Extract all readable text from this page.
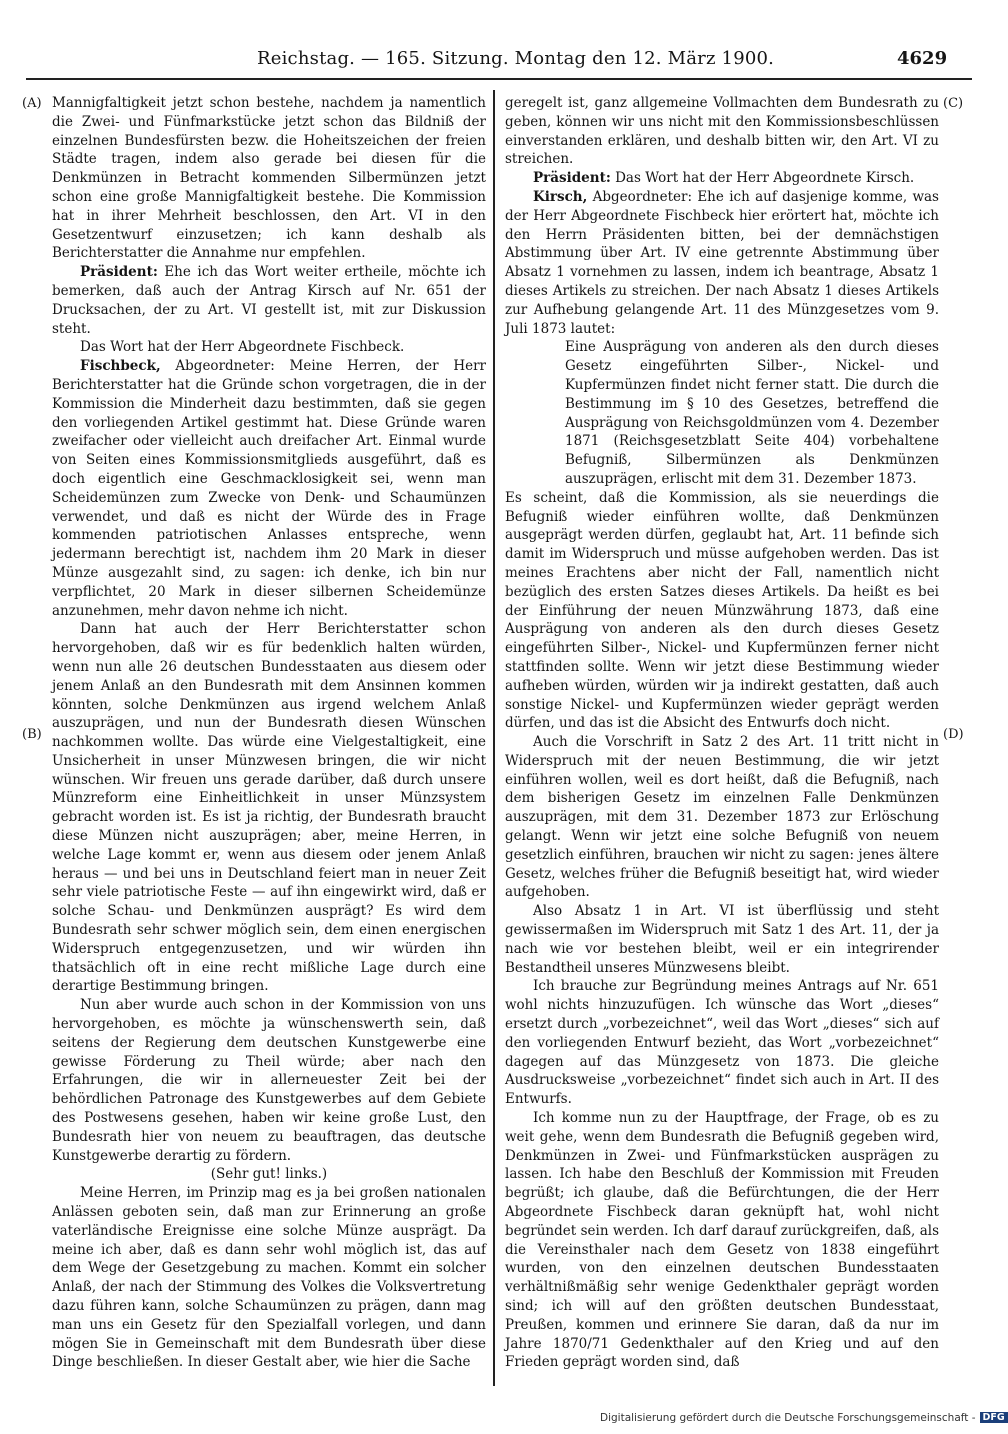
Reichstag. — 165. Sitzung. Montag den 12. März 1900.	4629
(A)
(B)
(C)
(D)

Mannigfaltigkeit jetzt schon bestehe, nachdem ja namentlich die Zwei- und Fünfmarkstücke jetzt schon das Bildniß der einzelnen Bundesfürsten bezw. die Hoheitszeichen der freien Städte tragen, indem also gerade bei diesen für die Denkmünzen in Betracht kommenden Silbermünzen jetzt schon eine große Mannigfaltigkeit bestehe. Die Kommission hat in ihrer Mehrheit beschlossen, den Art. VI in den Gesetzentwurf einzusetzen; ich kann deshalb als Berichterstatter die Annahme nur empfehlen.

Präsident: Ehe ich das Wort weiter ertheile, möchte ich bemerken, daß auch der Antrag Kirsch auf Nr. 651 der Drucksachen, der zu Art. VI gestellt ist, mit zur Diskussion steht.

Das Wort hat der Herr Abgeordnete Fischbeck.

Fischbeck, Abgeordneter: Meine Herren, der Herr Berichterstatter hat die Gründe schon vorgetragen, die in der Kommission die Minderheit dazu bestimmten, daß sie gegen den vorliegenden Artikel gestimmt hat. Diese Gründe waren zweifacher oder vielleicht auch dreifacher Art. Einmal wurde von Seiten eines Kommissionsmitglieds ausgeführt, daß es doch eigentlich eine Geschmacklosigkeit sei, wenn man Scheidemünzen zum Zwecke von Denk- und Schaumünzen verwendet, und daß es nicht der Würde des in Frage kommenden patriotischen Anlasses entspreche, wenn jedermann berechtigt ist, nachdem ihm 20 Mark in dieser Münze ausgezahlt sind, zu sagen: ich denke, ich bin nur verpflichtet, 20 Mark in dieser silbernen Scheidemünze anzunehmen, mehr davon nehme ich nicht.

Dann hat auch der Herr Berichterstatter schon hervorgehoben, daß wir es für bedenklich halten würden, wenn nun alle 26 deutschen Bundesstaaten aus diesem oder jenem Anlaß an den Bundesrath mit dem Ansinnen kommen könnten, solche Denkmünzen aus irgend welchem Anlaß auszuprägen, und nun der Bundesrath diesen Wünschen nachkommen wollte. Das würde eine Vielgestaltigkeit, eine Unsicherheit in unser Münzwesen bringen, die wir nicht wünschen. Wir freuen uns gerade darüber, daß durch unsere Münzreform eine Einheitlichkeit in unser Münzsystem gebracht worden ist. Es ist ja richtig, der Bundesrath braucht diese Münzen nicht auszuprägen; aber, meine Herren, in welche Lage kommt er, wenn aus diesem oder jenem Anlaß heraus — und bei uns in Deutschland feiert man in neuer Zeit sehr viele patriotische Feste — auf ihn eingewirkt wird, daß er solche Schau- und Denkmünzen ausprägt? Es wird dem Bundesrath sehr schwer möglich sein, dem einen energischen Widerspruch entgegenzusetzen, und wir würden ihn thatsächlich oft in eine recht mißliche Lage durch eine derartige Bestimmung bringen.

Nun aber wurde auch schon in der Kommission von uns hervorgehoben, es möchte ja wünschenswerth sein, daß seitens der Regierung dem deutschen Kunstgewerbe eine gewisse Förderung zu Theil würde; aber nach den Erfahrungen, die wir in allerneuester Zeit bei der behördlichen Patronage des Kunstgewerbes auf dem Gebiete des Postwesens gesehen, haben wir keine große Lust, den Bundesrath hier von neuem zu beauftragen, das deutsche Kunstgewerbe derartig zu fördern.

(Sehr gut! links.)

Meine Herren, im Prinzip mag es ja bei großen nationalen Anlässen geboten sein, daß man zur Erinnerung an große vaterländische Ereignisse eine solche Münze ausprägt. Da meine ich aber, daß es dann sehr wohl möglich ist, das auf dem Wege der Gesetzgebung zu machen. Kommt ein solcher Anlaß, der nach der Stimmung des Volkes die Volksvertretung dazu führen kann, solche Schaumünzen zu prägen, dann mag man uns ein Gesetz für den Spezialfall vorlegen, und dann mögen Sie in Gemeinschaft mit dem Bundesrath über diese Dinge beschließen. In dieser Gestalt aber, wie hier die Sache

geregelt ist, ganz allgemeine Vollmachten dem Bundesrath zu geben, können wir uns nicht mit den Kommissionsbeschlüssen einverstanden erklären, und deshalb bitten wir, den Art. VI zu streichen.

Präsident: Das Wort hat der Herr Abgeordnete Kirsch.

Kirsch, Abgeordneter: Ehe ich auf dasjenige komme, was der Herr Abgeordnete Fischbeck hier erörtert hat, möchte ich den Herrn Präsidenten bitten, bei der demnächstigen Abstimmung über Art. IV eine getrennte Abstimmung über Absatz 1 vornehmen zu lassen, indem ich beantrage, Absatz 1 dieses Artikels zu streichen. Der nach Absatz 1 dieses Artikels zur Aufhebung gelangende Art. 11 des Münzgesetzes vom 9. Juli 1873 lautet:

Eine Ausprägung von anderen als den durch dieses Gesetz eingeführten Silber-, Nickel- und Kupfermünzen findet nicht ferner statt. Die durch die Bestimmung im § 10 des Gesetzes, betreffend die Ausprägung von Reichsgoldmünzen vom 4. Dezember 1871 (Reichsgesetzblatt Seite 404) vorbehaltene Befugniß, Silbermünzen als Denkmünzen auszuprägen, erlischt mit dem 31. Dezember 1873.

Es scheint, daß die Kommission, als sie neuerdings die Befugniß wieder einführen wollte, daß Denkmünzen ausgeprägt werden dürfen, geglaubt hat, Art. 11 befinde sich damit im Widerspruch und müsse aufgehoben werden. Das ist meines Erachtens aber nicht der Fall, namentlich nicht bezüglich des ersten Satzes dieses Artikels. Da heißt es bei der Einführung der neuen Münzwährung 1873, daß eine Ausprägung von anderen als den durch dieses Gesetz eingeführten Silber-, Nickel- und Kupfermünzen ferner nicht stattfinden sollte. Wenn wir jetzt diese Bestimmung wieder aufheben würden, würden wir ja indirekt gestatten, daß auch sonstige Nickel- und Kupfermünzen wieder geprägt werden dürfen, und das ist die Absicht des Entwurfs doch nicht.

Auch die Vorschrift in Satz 2 des Art. 11 tritt nicht in Widerspruch mit der neuen Bestimmung, die wir jetzt einführen wollen, weil es dort heißt, daß die Befugniß, nach dem bisherigen Gesetz im einzelnen Falle Denkmünzen auszuprägen, mit dem 31. Dezember 1873 zur Erlöschung gelangt. Wenn wir jetzt eine solche Befugniß von neuem gesetzlich einführen, brauchen wir nicht zu sagen: jenes ältere Gesetz, welches früher die Befugniß beseitigt hat, wird wieder aufgehoben.

Also Absatz 1 in Art. VI ist überflüssig und steht gewissermaßen im Widerspruch mit Satz 1 des Art. 11, der ja nach wie vor bestehen bleibt, weil er ein integrirender Bestandtheil unseres Münzwesens bleibt.

Ich brauche zur Begründung meines Antrags auf Nr. 651 wohl nichts hinzuzufügen. Ich wünsche das Wort „dieses“ ersetzt durch „vorbezeichnet“, weil das Wort „dieses“ sich auf den vorliegenden Entwurf bezieht, das Wort „vorbezeichnet“ dagegen auf das Münzgesetz von 1873. Die gleiche Ausdrucksweise „vorbezeichnet“ findet sich auch in Art. II des Entwurfs.

Ich komme nun zu der Hauptfrage, der Frage, ob es zu weit gehe, wenn dem Bundesrath die Befugniß gegeben wird, Denkmünzen in Zwei- und Fünfmarkstücken ausprägen zu lassen. Ich habe den Beschluß der Kommission mit Freuden begrüßt; ich glaube, daß die Befürchtungen, die der Herr Abgeordnete Fischbeck daran geknüpft hat, wohl nicht begründet sein werden. Ich darf darauf zurückgreifen, daß, als die Vereinsthaler nach dem Gesetz von 1838 eingeführt wurden, von den einzelnen deutschen Bundesstaaten verhältnißmäßig sehr wenige Gedenkthaler geprägt worden sind; ich will auf den größten deutschen Bundesstaat, Preußen, kommen und erinnere Sie daran, daß da nur im Jahre 1870/71 Gedenkthaler auf den Krieg und auf den Frieden geprägt worden sind, daß

Digitalisierung gefördert durch die Deutsche Forschungsgemeinschaft - DFG
